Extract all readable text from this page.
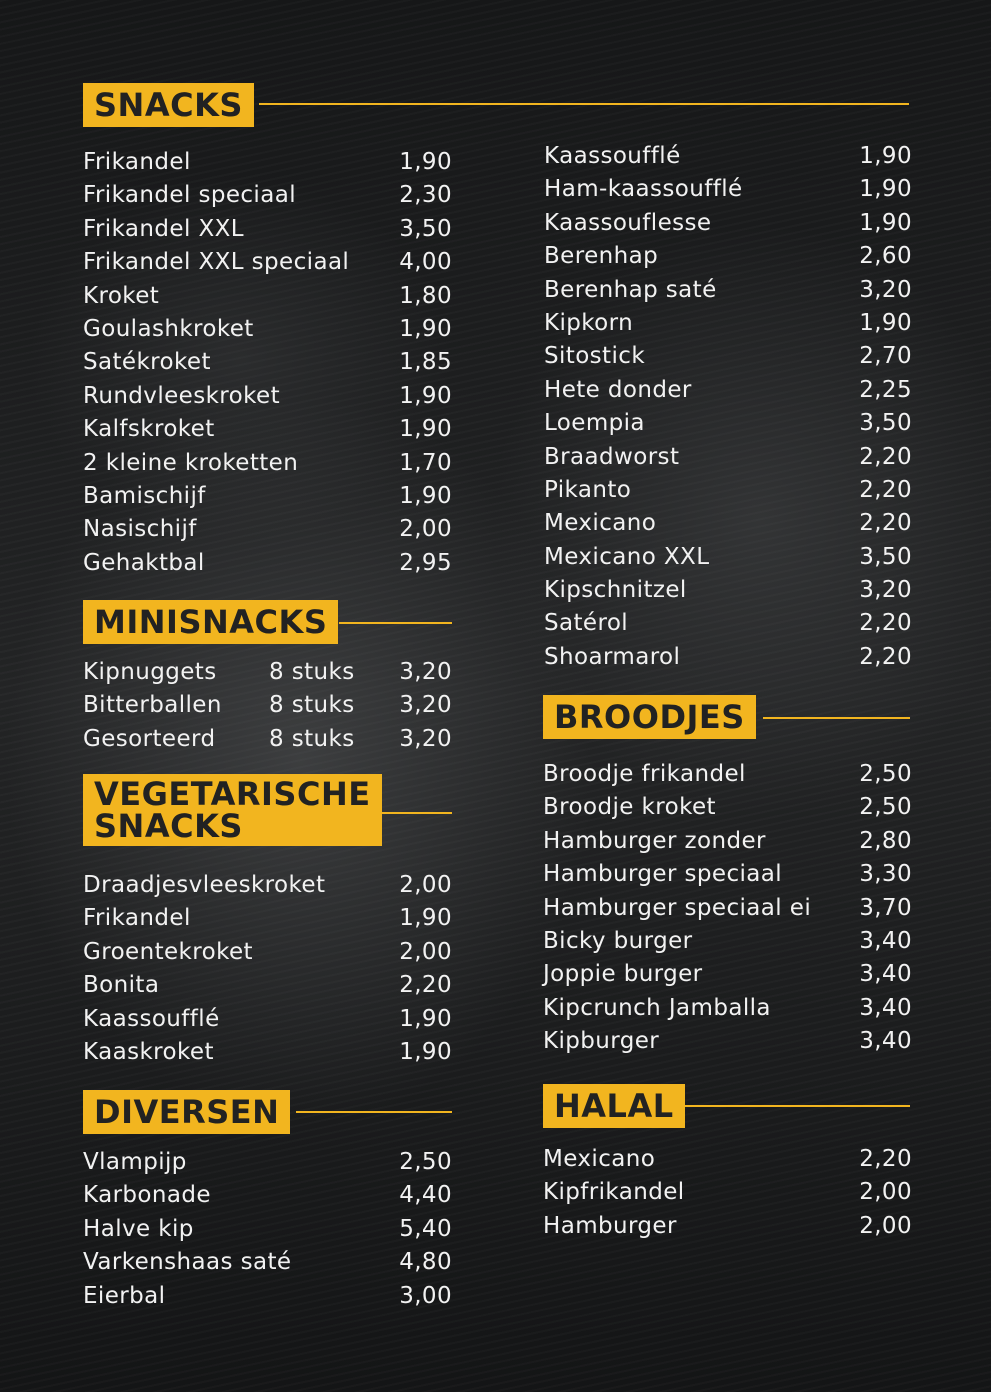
SNACKS
Frikandel	1,90
Frikandel speciaal	2,30
Frikandel XXL	3,50
Frikandel XXL speciaal 4,00
Kroket	1,80
Goulashkroket	1,90
Satékroket	1,85
Rundvleeskroket	1,90
Kalfskroket	1,90
2 kleine kroketten	1,70
Bamischijf	1,90
Nasischijf	2,00
Gehaktbal	2,95
MINISNACKS
Kipnuggets 8 stuks 3,20
Bitterballen 8 stuks 3,20
Gesorteerd 8 stuks 3,20
VEGETARISCHE
SNACKS
Draadjesvleeskroket	2,00
Frikandel	1,90
Groentekroket	2,00
Bonita	2,20
Kaassoufflé	1,90
Kaaskroket	1,90
DIVERSEN
Vlampijp	2,50
Karbonade	4,40
Halve kip	5,40
Varkenshaas saté	4,80
Eierbal	3,00
Kaassoufflé	1,90
Ham-kaassoufflé	1,90
Kaassouflesse	1,90
Berenhap	2,60
Berenhap saté	3,20
Kipkorn	1,90
Sitostick	2,70
Hete donder	2,25
Loempia	3,50
Braadworst	2,20
Pikanto	2,20
Mexicano	2,20
Mexicano XXL	3,50
Kipschnitzel	3,20
Satérol	2,20
Shoarmarol	2,20
BROODJES
Broodje frikandel	2,50
Broodje kroket	2,50
Hamburger zonder	2,80
Hamburger speciaal	3,30
Hamburger speciaal ei 3,70
Bicky burger	3,40
Joppie burger	3,40
Kipcrunch Jamballa	3,40
Kipburger	3,40
HALAL
Mexicano	2,20
Kipfrikandel	2,00
Hamburger	2,00
